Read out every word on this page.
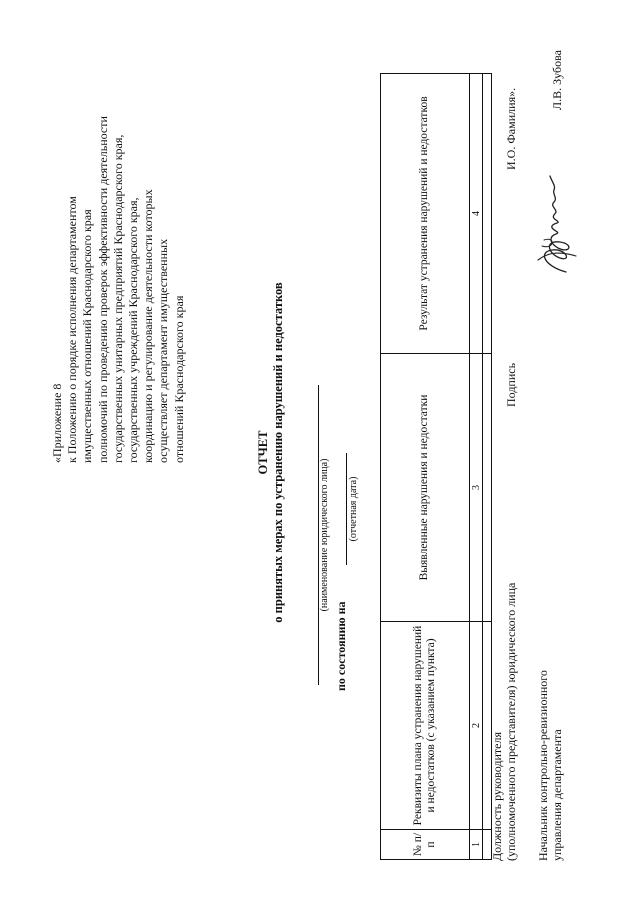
«Приложение 8 к Положению о порядке исполнения департаментом имущественных отношений Краснодарского края полномочий по проведению проверок эффективности деятельности государственных унитарных предприятий Краснодарского края, государственных учреждений Краснодарского края, координацию и регулирование деятельности которых осуществляет департамент имущественных отношений Краснодарского края	ОТЧЕТ о принятых мерах по устранению нарушений и недостатков	(наименование юридического лица)
по состоянию на
(отчетная дата)
№ п/п	Реквизиты плана устранения нарушений и недостатков (с указанием пункта)	Выявленные нарушения и недостатки	Результат устранения нарушений и недостатков
1	2	3	4

Должность руководителя (уполномоченного представителя) юридического лица
Подпись
И.О. Фамилия».
Начальник контрольно-ревизионного управления департамента
Л.В. Зубова
